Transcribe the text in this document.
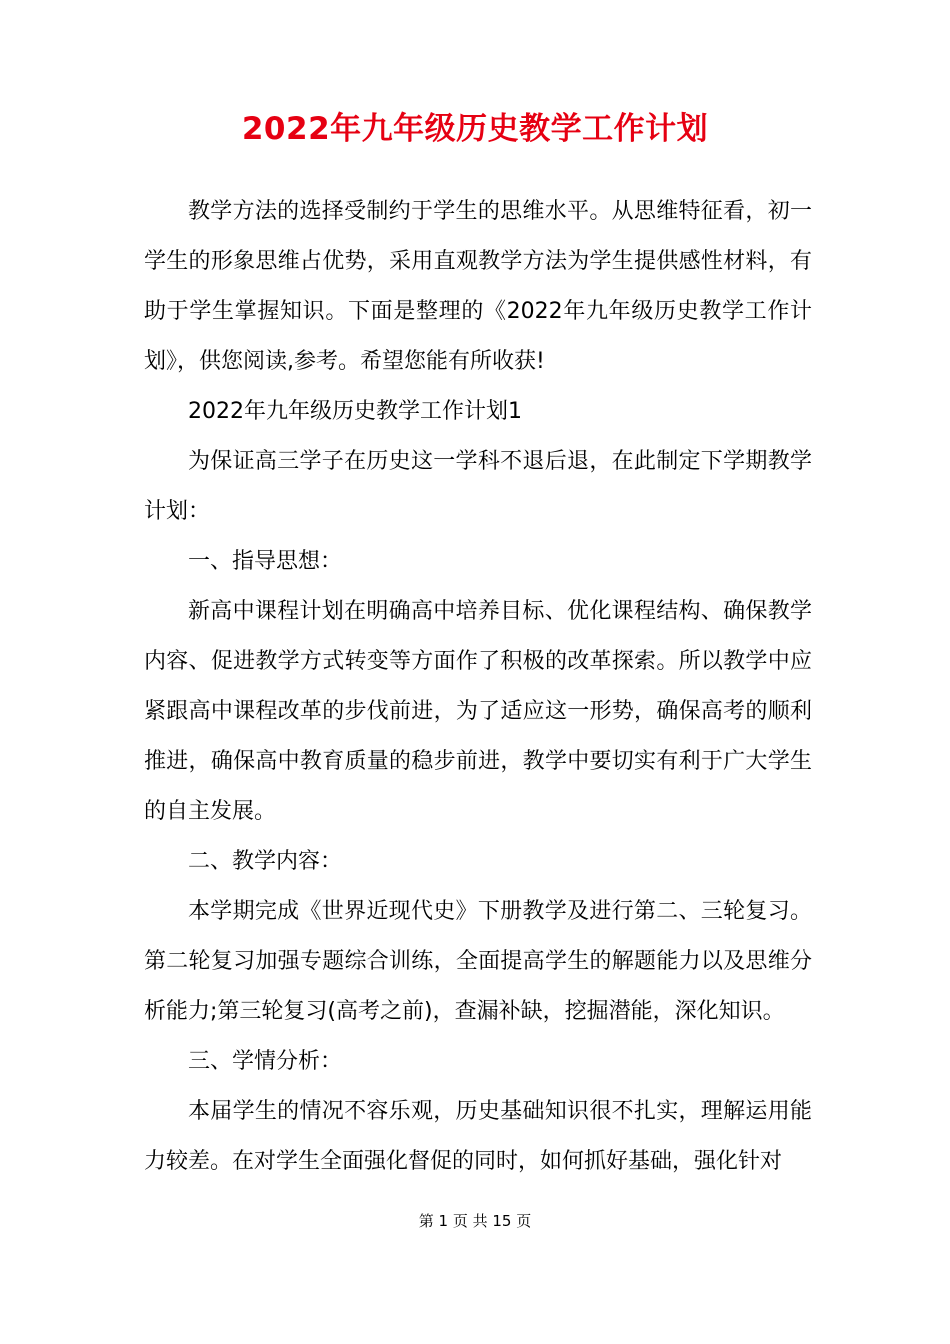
2022年九年级历史教学工作计划

教学方法的选择受制约于学生的思维水平。从思维特征看，初一学生的形象思维占优势，采用直观教学方法为学生提供感性材料，有助于学生掌握知识。下面是整理的《2022年九年级历史教学工作计划》，供您阅读,参考。希望您能有所收获!

2022年九年级历史教学工作计划1

为保证高三学子在历史这一学科不退后退，在此制定下学期教学计划：

一、指导思想：

新高中课程计划在明确高中培养目标、优化课程结构、确保教学内容、促进教学方式转变等方面作了积极的改革探索。所以教学中应紧跟高中课程改革的步伐前进，为了适应这一形势，确保高考的顺利推进，确保高中教育质量的稳步前进，教学中要切实有利于广大学生的自主发展。

二、教学内容：

本学期完成《世界近现代史》下册教学及进行第二、三轮复习。第二轮复习加强专题综合训练，全面提高学生的解题能力以及思维分析能力;第三轮复习(高考之前)，查漏补缺，挖掘潜能，深化知识。

三、学情分析：

本届学生的情况不容乐观，历史基础知识很不扎实，理解运用能力较差。在对学生全面强化督促的同时，如何抓好基础，强化针对

第 1 页 共 15 页
